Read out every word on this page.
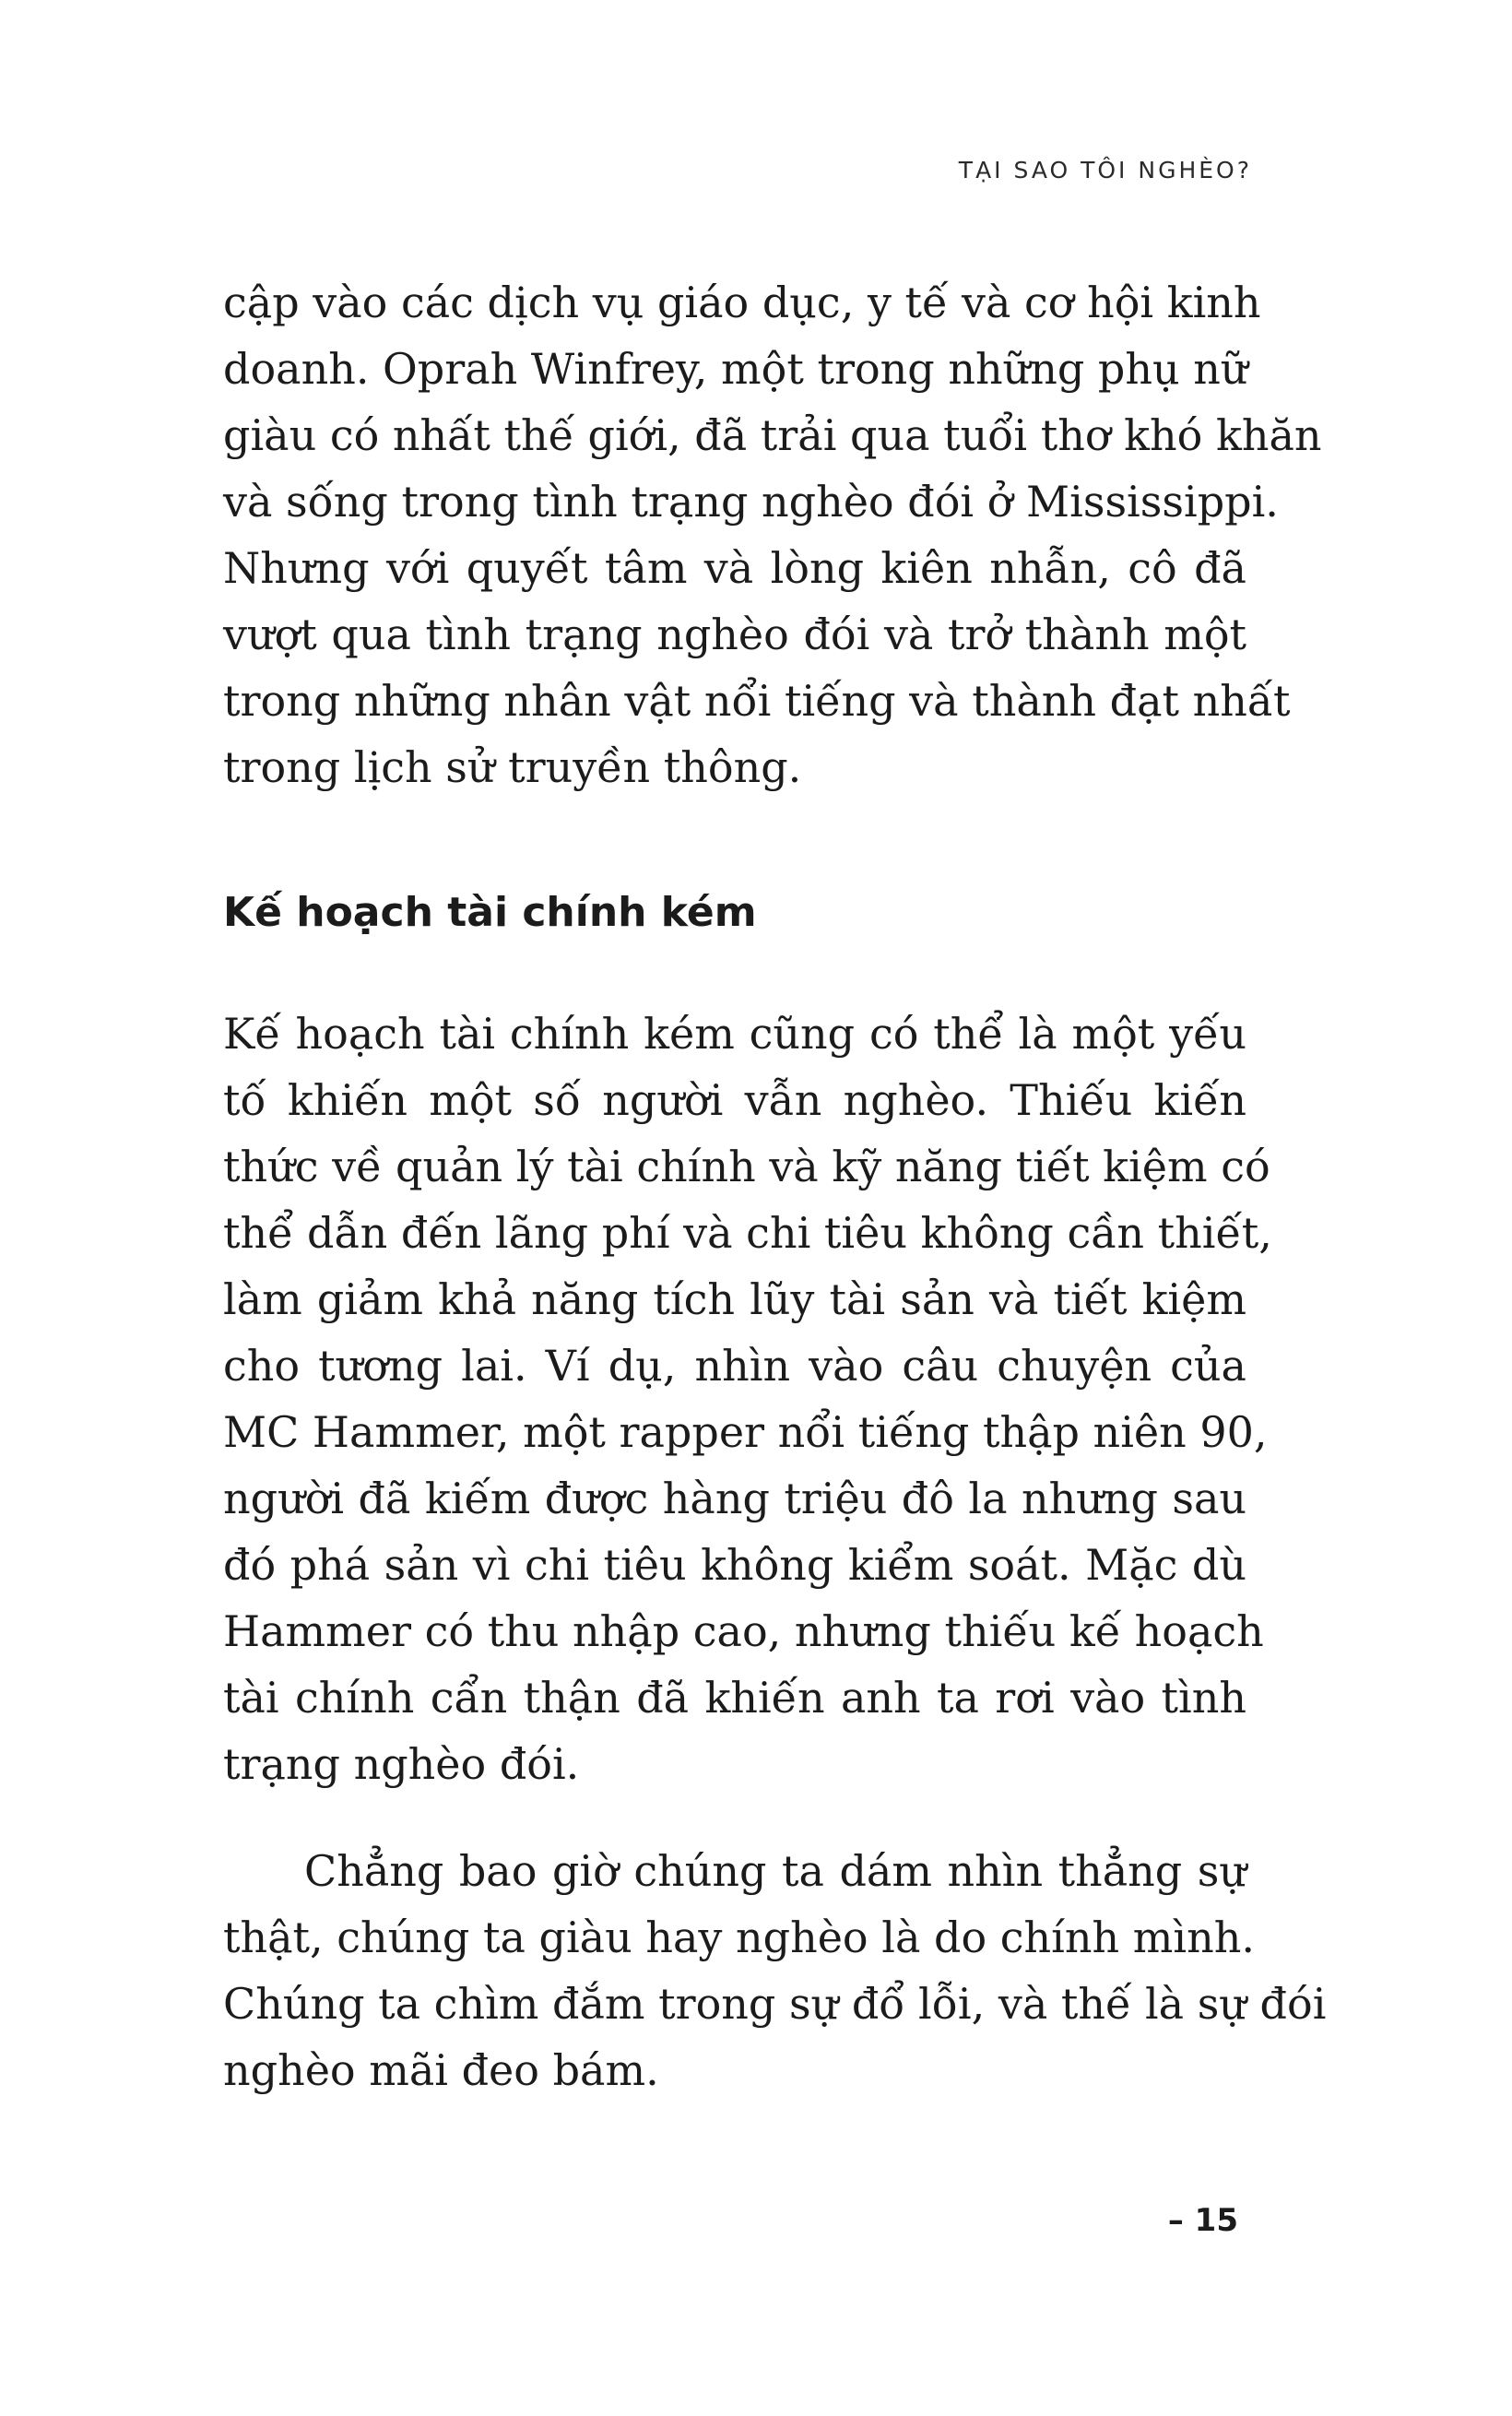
TẠI SAO TÔI NGHÈO?
cập vào các dịch vụ giáo dục, y tế và cơ hội kinh
doanh. Oprah Winfrey, một trong những phụ nữ
giàu có nhất thế giới, đã trải qua tuổi thơ khó khăn
và sống trong tình trạng nghèo đói ở Mississippi.
Nhưng với quyết tâm và lòng kiên nhẫn, cô đã
vượt qua tình trạng nghèo đói và trở thành một
trong những nhân vật nổi tiếng và thành đạt nhất
trong lịch sử truyền thông.
Kế hoạch tài chính kém
Kế hoạch tài chính kém cũng có thể là một yếu
tố khiến một số người vẫn nghèo. Thiếu kiến
thức về quản lý tài chính và kỹ năng tiết kiệm có
thể dẫn đến lãng phí và chi tiêu không cần thiết,
làm giảm khả năng tích lũy tài sản và tiết kiệm
cho tương lai. Ví dụ, nhìn vào câu chuyện của
MC Hammer, một rapper nổi tiếng thập niên 90,
người đã kiếm được hàng triệu đô la nhưng sau
đó phá sản vì chi tiêu không kiểm soát. Mặc dù
Hammer có thu nhập cao, nhưng thiếu kế hoạch
tài chính cẩn thận đã khiến anh ta rơi vào tình
trạng nghèo đói.
Chẳng bao giờ chúng ta dám nhìn thẳng sự
thật, chúng ta giàu hay nghèo là do chính mình.
Chúng ta chìm đắm trong sự đổ lỗi, và thế là sự đói
nghèo mãi đeo bám.
– 15
